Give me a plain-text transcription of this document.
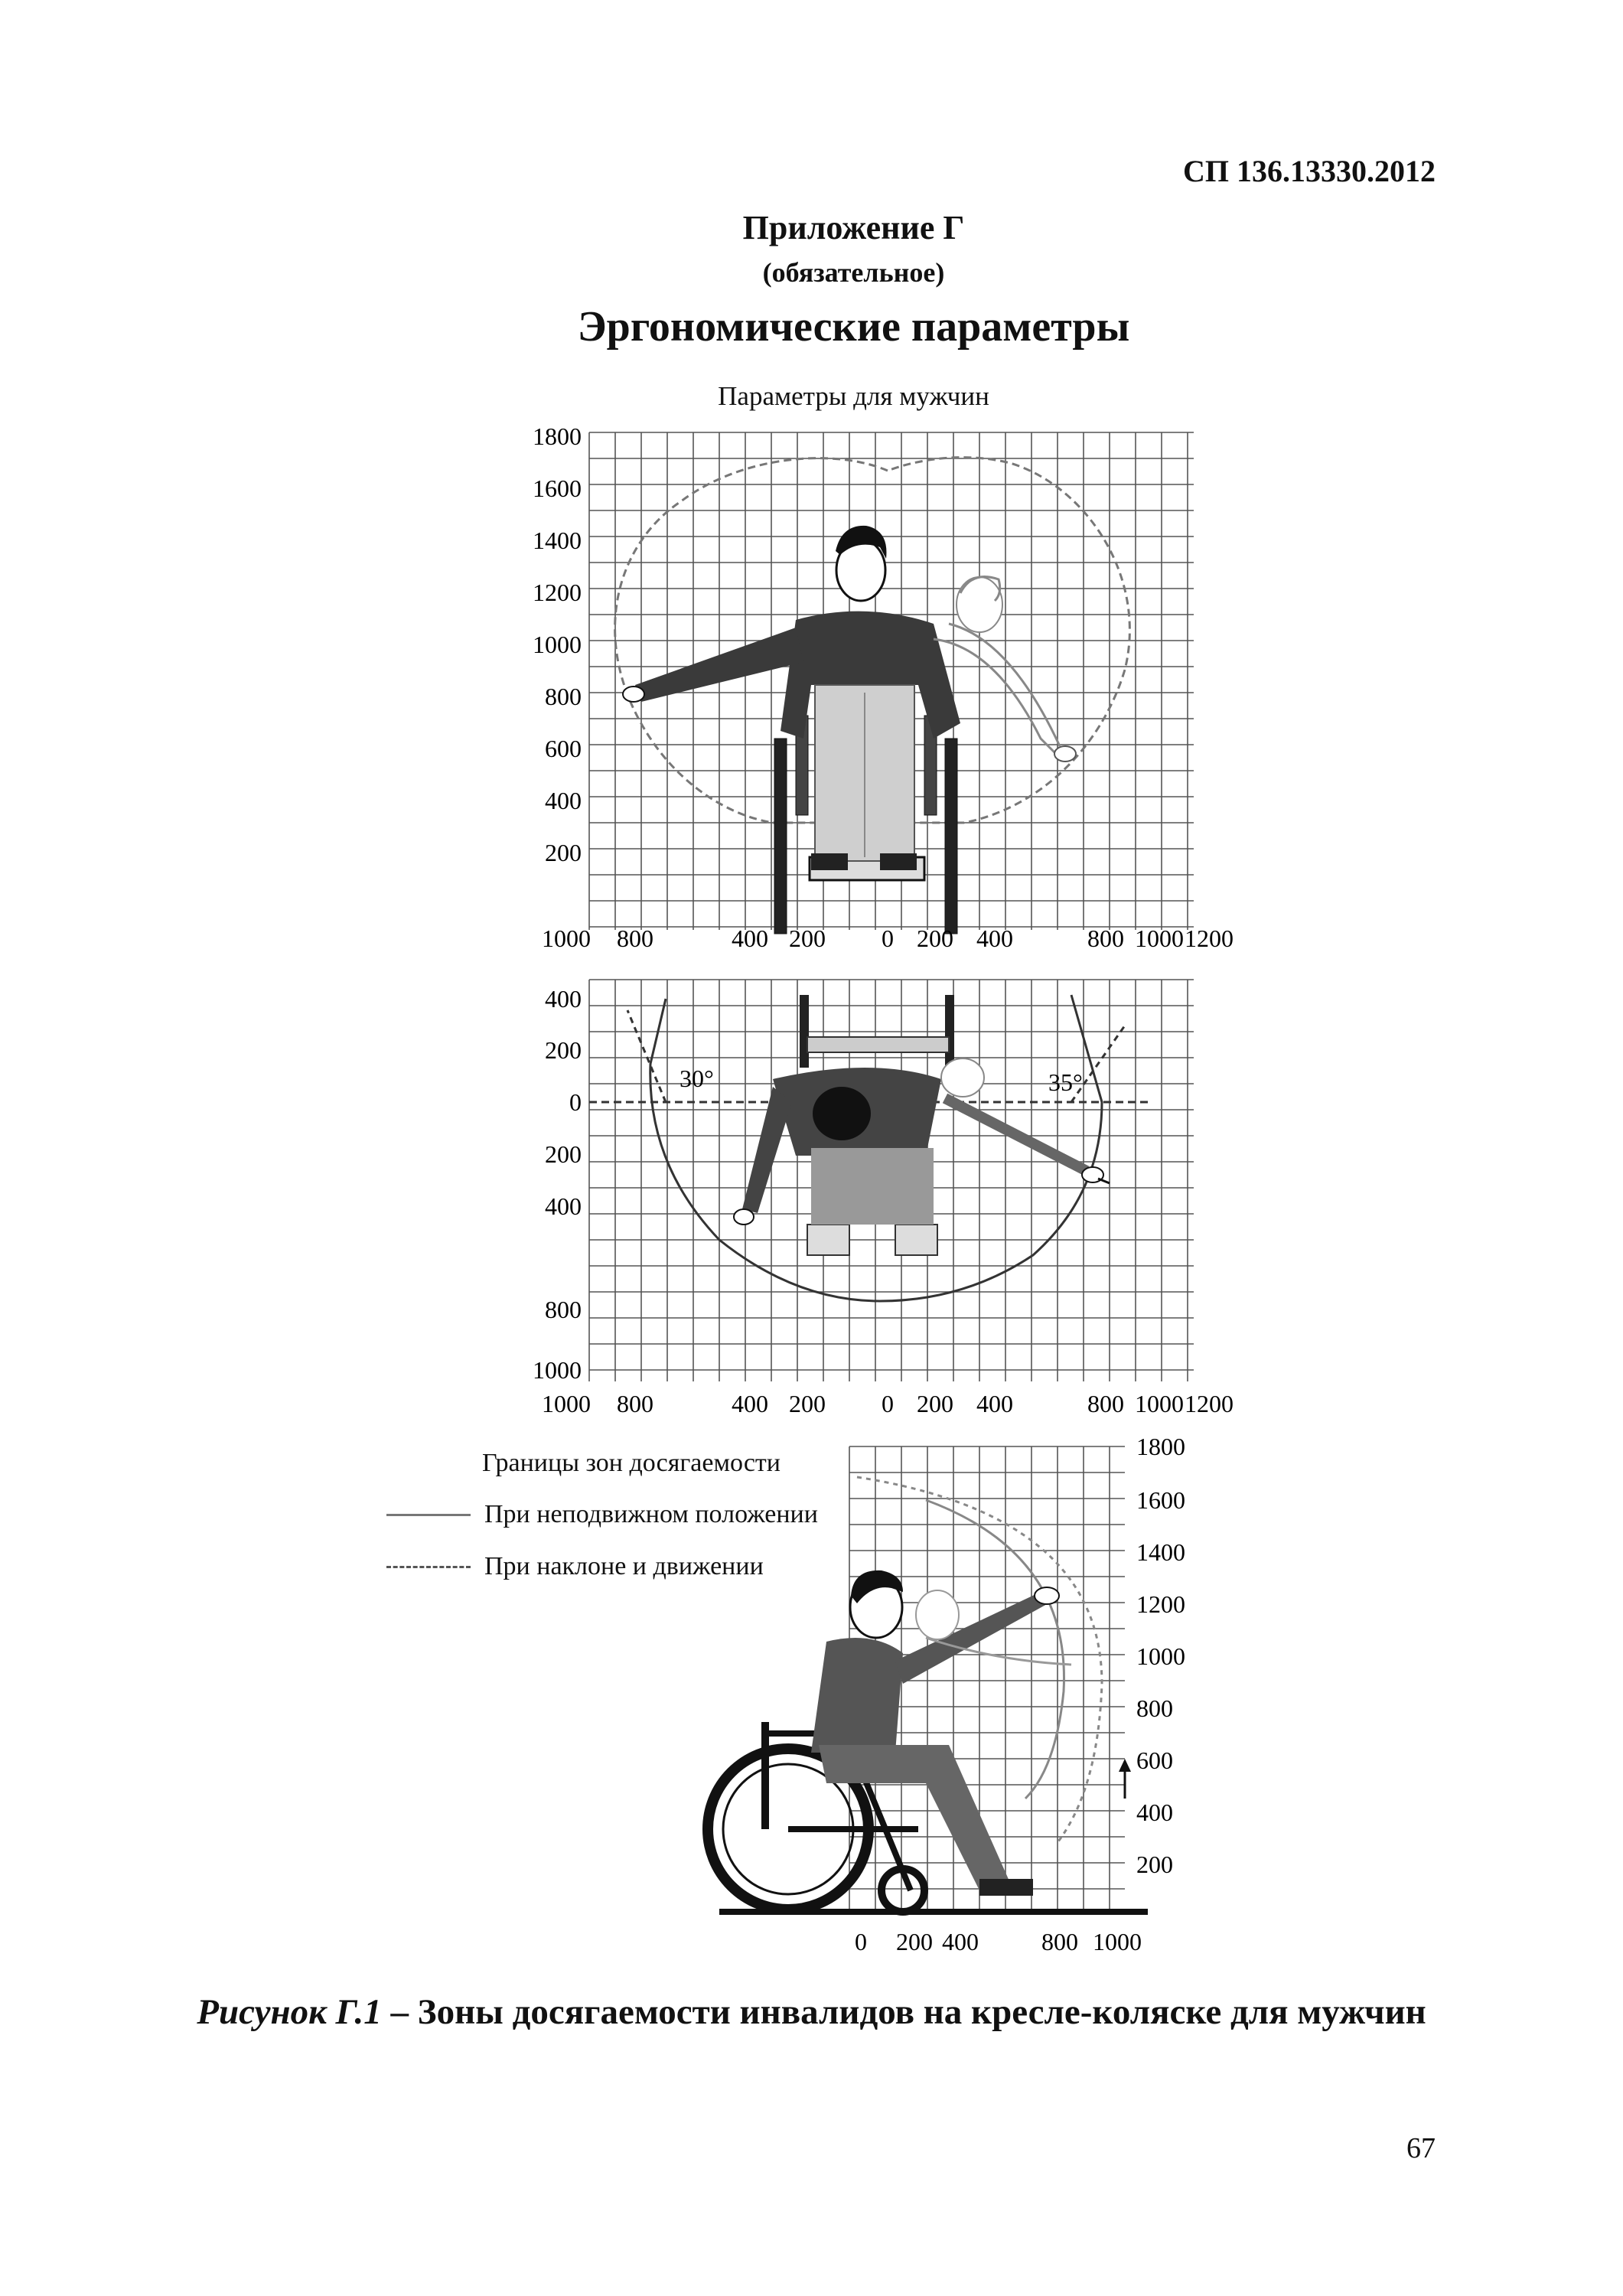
СП 136.13330.2012
Приложение Г
(обязательное)
Эргономические параметры
Параметры для мужчин
1800
1600
1400
1200
1000
800
600
400
200
1000 800	400 200 0 200 400	800 1000 1200
30°	35°
400
200
0
200
400
800
1000
1000 800	400 200 0 200 400	800 1000 1200
1800
1600
1400
1200
1000
800
600
400
200
0 200 400	800 1000
Границы зон досягаемости
При неподвижном положении
При наклоне и движении
Рисунок Г.1 – Зоны досягаемости инвалидов на кресле-коляске для мужчин
67
